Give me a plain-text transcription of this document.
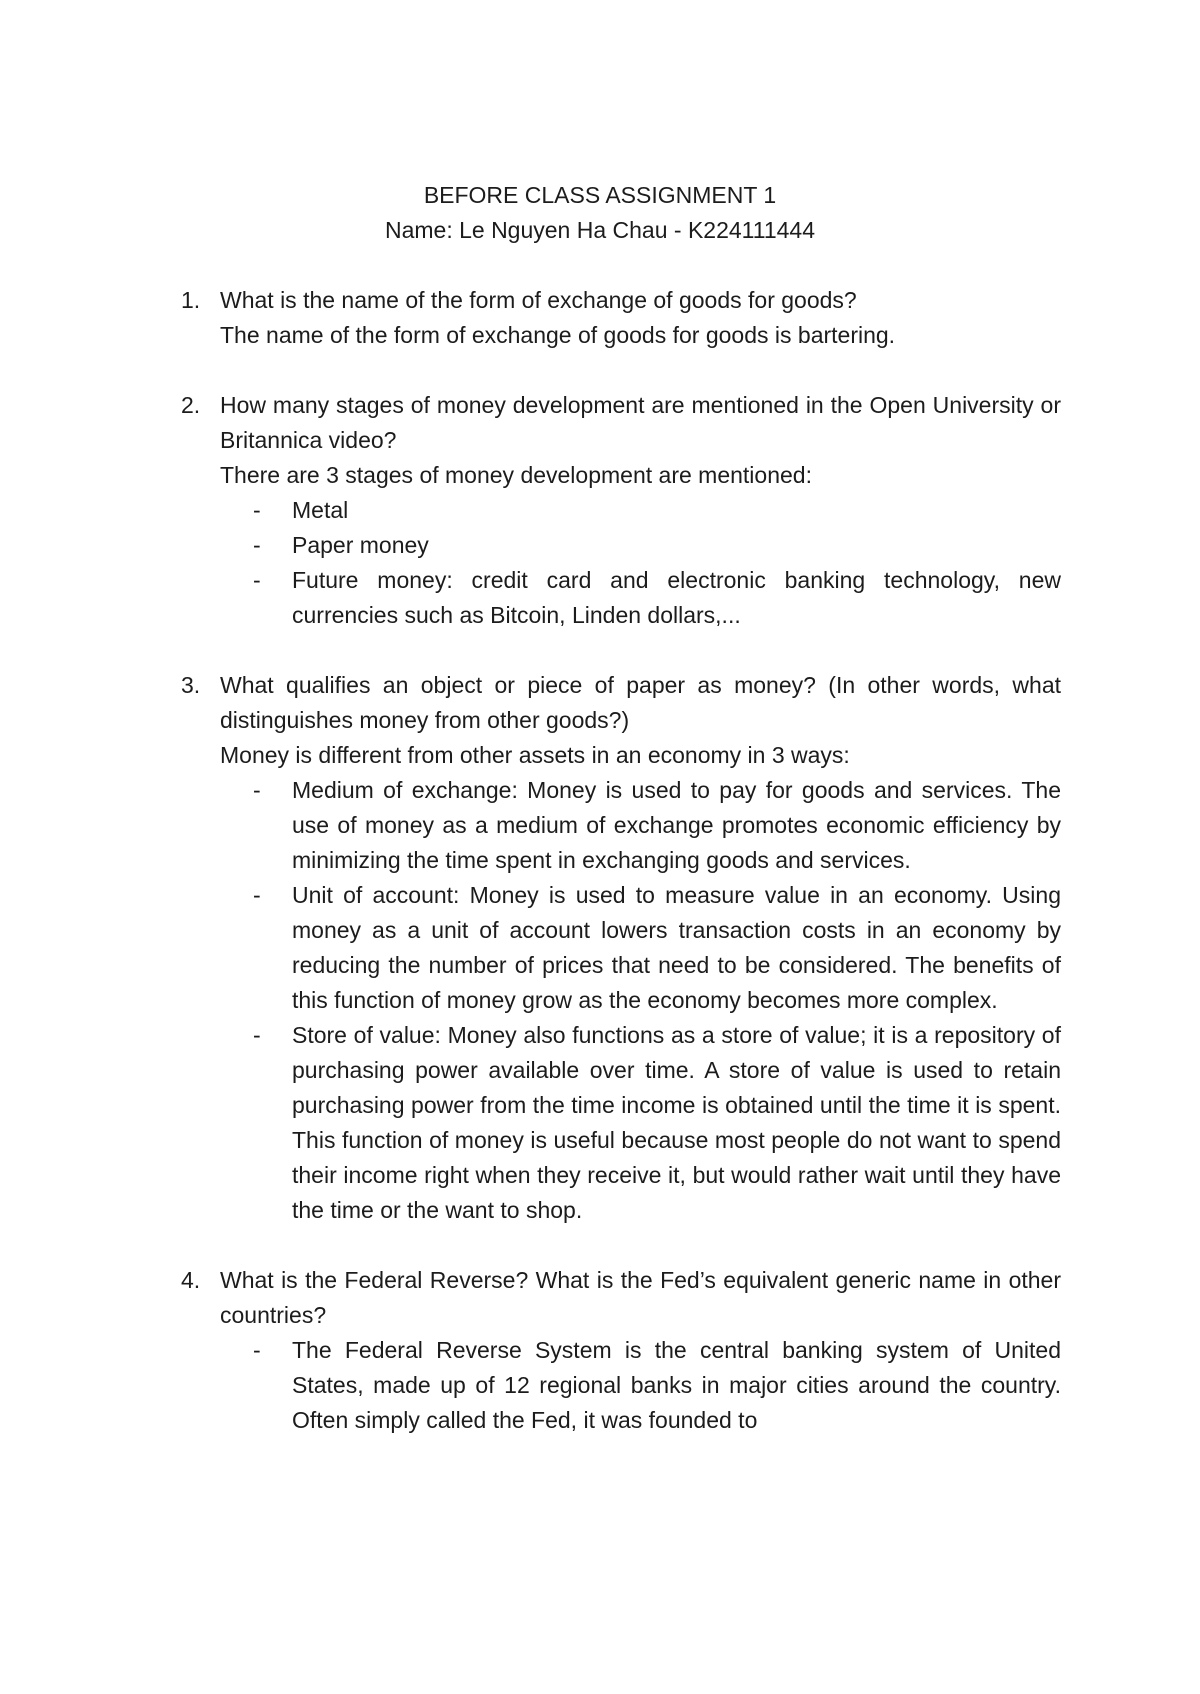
BEFORE CLASS ASSIGNMENT 1
Name: Le Nguyen Ha Chau - K224111444
1. What is the name of the form of exchange of goods for goods?
The name of the form of exchange of goods for goods is bartering.
2. How many stages of money development are mentioned in the Open University or Britannica video?
There are 3 stages of money development are mentioned:
- Metal
- Paper money
- Future money: credit card and electronic banking technology, new currencies such as Bitcoin, Linden dollars,...
3. What qualifies an object or piece of paper as money? (In other words, what distinguishes money from other goods?)
Money is different from other assets in an economy in 3 ways:
- Medium of exchange: Money is used to pay for goods and services. The use of money as a medium of exchange promotes economic efficiency by minimizing the time spent in exchanging goods and services.
- Unit of account: Money is used to measure value in an economy. Using money as a unit of account lowers transaction costs in an economy by reducing the number of prices that need to be considered. The benefits of this function of money grow as the economy becomes more complex.
- Store of value: Money also functions as a store of value; it is a repository of purchasing power available over time. A store of value is used to retain purchasing power from the time income is obtained until the time it is spent. This function of money is useful because most people do not want to spend their income right when they receive it, but would rather wait until they have the time or the want to shop.
4. What is the Federal Reverse? What is the Fed’s equivalent generic name in other countries?
- The Federal Reverse System is the central banking system of United States, made up of 12 regional banks in major cities around the country. Often simply called the Fed, it was founded to
